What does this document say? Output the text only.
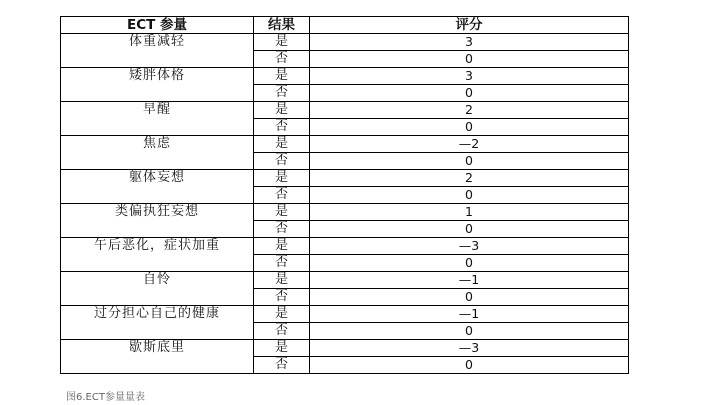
ECT 参量	结果	评分
体重减轻	是	3
	否	0
矮胖体格	是	3
	否	0
早醒	是	2
	否	0
焦虑	是	—2
	否	0
躯体妄想	是	2
	否	0
类偏执狂妄想	是	1
	否	0
午后恶化，症状加重	是	—3
	否	0
自怜	是	—1
	否	0
过分担心自己的健康	是	—1
	否	0
歇斯底里	是	—3
	否	0
图6.ECT参量量表
